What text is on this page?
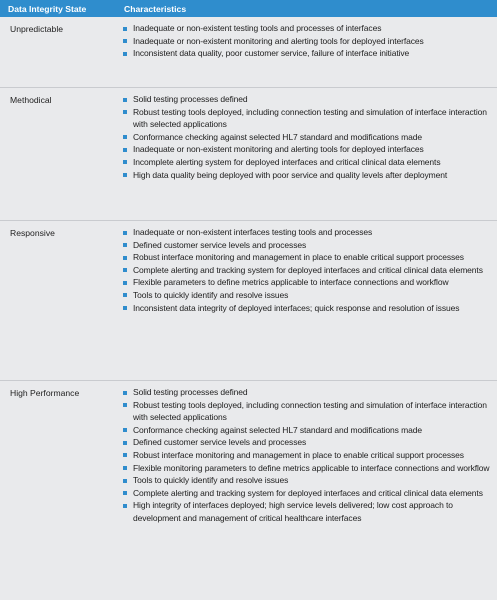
Data Integrity State	Characteristics
Unpredictable	Inadequate or non-existent testing tools and processes of interfaces
Inadequate or non-existent monitoring and alerting tools for deployed interfaces
Inconsistent data quality, poor customer service, failure of interface initiative
Methodical	Solid testing processes defined
Robust testing tools deployed, including connection testing and simulation of interface interaction with selected applications
Conformance checking against selected HL7 standard and modifications made
Inadequate or non-existent monitoring and alerting tools for deployed interfaces
Incomplete alerting system for deployed interfaces and critical clinical data elements
High data quality being deployed with poor service and quality levels after deployment
Responsive	Inadequate or non-existent interfaces testing tools and processes
Defined customer service levels and processes
Robust interface monitoring and management in place to enable critical support processes
Complete alerting and tracking system for deployed interfaces and critical clinical data elements
Flexible parameters to define metrics applicable to interface connections and workflow
Tools to quickly identify and resolve issues
Inconsistent data integrity of deployed interfaces; quick response and resolution of issues
High Performance	Solid testing processes defined
Robust testing tools deployed, including connection testing and simulation of interface interaction with selected applications
Conformance checking against selected HL7 standard and modifications made
Defined customer service levels and processes
Robust interface monitoring and management in place to enable critical support processes
Flexible monitoring parameters to define metrics applicable to interface connections and workflow
Tools to quickly identify and resolve issues
Complete alerting and tracking system for deployed interfaces and critical clinical data elements
High integrity of interfaces deployed; high service levels delivered; low cost approach to development and management of critical healthcare interfaces
